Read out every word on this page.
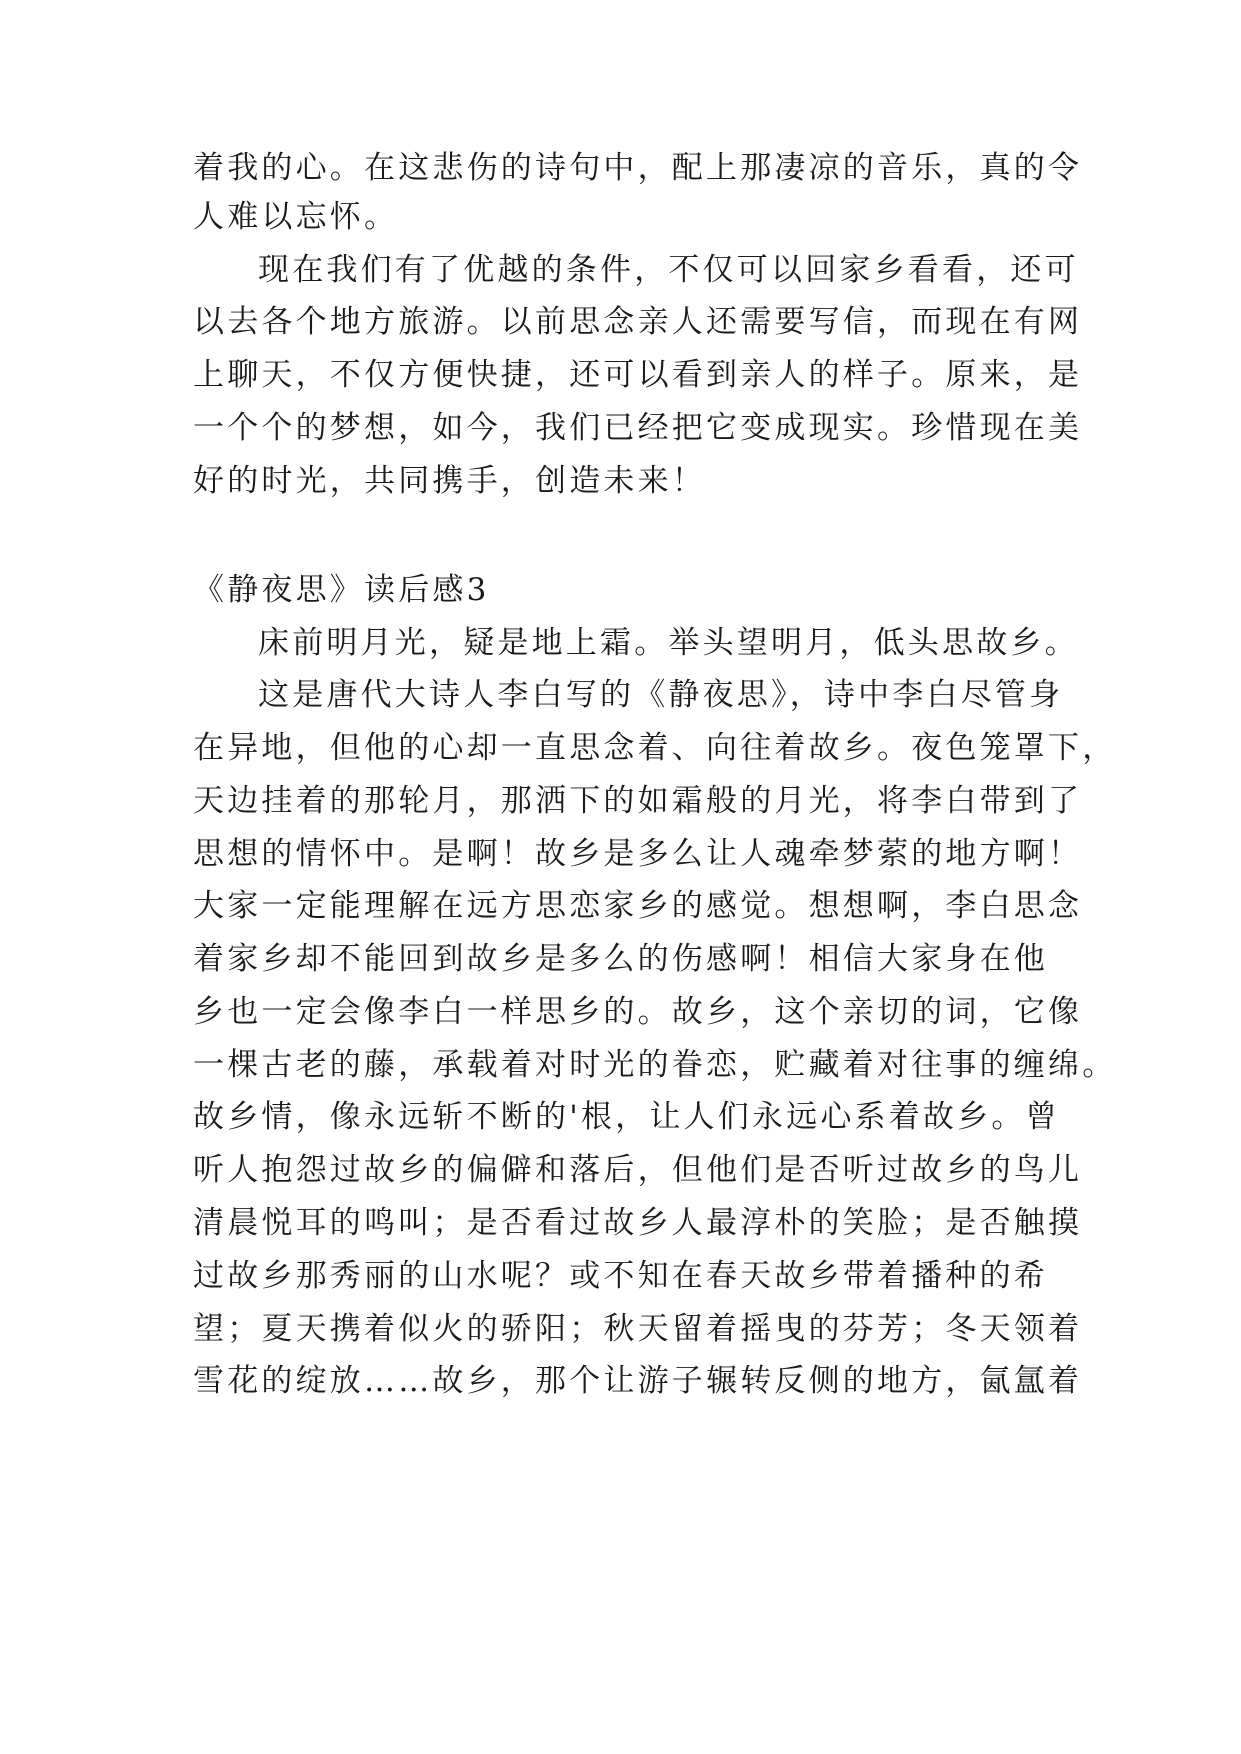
着我的心。在这悲伤的诗句中，配上那凄凉的音乐，真的令
人难以忘怀。
现在我们有了优越的条件，不仅可以回家乡看看，还可
以去各个地方旅游。以前思念亲人还需要写信，而现在有网
上聊天，不仅方便快捷，还可以看到亲人的样子。原来，是
一个个的梦想，如今，我们已经把它变成现实。珍惜现在美
好的时光，共同携手，创造未来！
《静夜思》读后感3
床前明月光，疑是地上霜。举头望明月，低头思故乡。
这是唐代大诗人李白写的《静夜思》，诗中李白尽管身
在异地，但他的心却一直思念着、向往着故乡。夜色笼罩下，
天边挂着的那轮月，那洒下的如霜般的月光，将李白带到了
思想的情怀中。是啊！故乡是多么让人魂牵梦萦的地方啊！
大家一定能理解在远方思恋家乡的感觉。想想啊，李白思念
着家乡却不能回到故乡是多么的伤感啊！相信大家身在他
乡也一定会像李白一样思乡的。故乡，这个亲切的词，它像
一棵古老的藤，承载着对时光的眷恋，贮藏着对往事的缠绵。
故乡情，像永远斩不断的'根，让人们永远心系着故乡。曾
听人抱怨过故乡的偏僻和落后，但他们是否听过故乡的鸟儿
清晨悦耳的鸣叫；是否看过故乡人最淳朴的笑脸；是否触摸
过故乡那秀丽的山水呢？或不知在春天故乡带着播种的希
望；夏天携着似火的骄阳；秋天留着摇曳的芬芳；冬天领着
雪花的绽放……故乡，那个让游子辗转反侧的地方，氤氲着
